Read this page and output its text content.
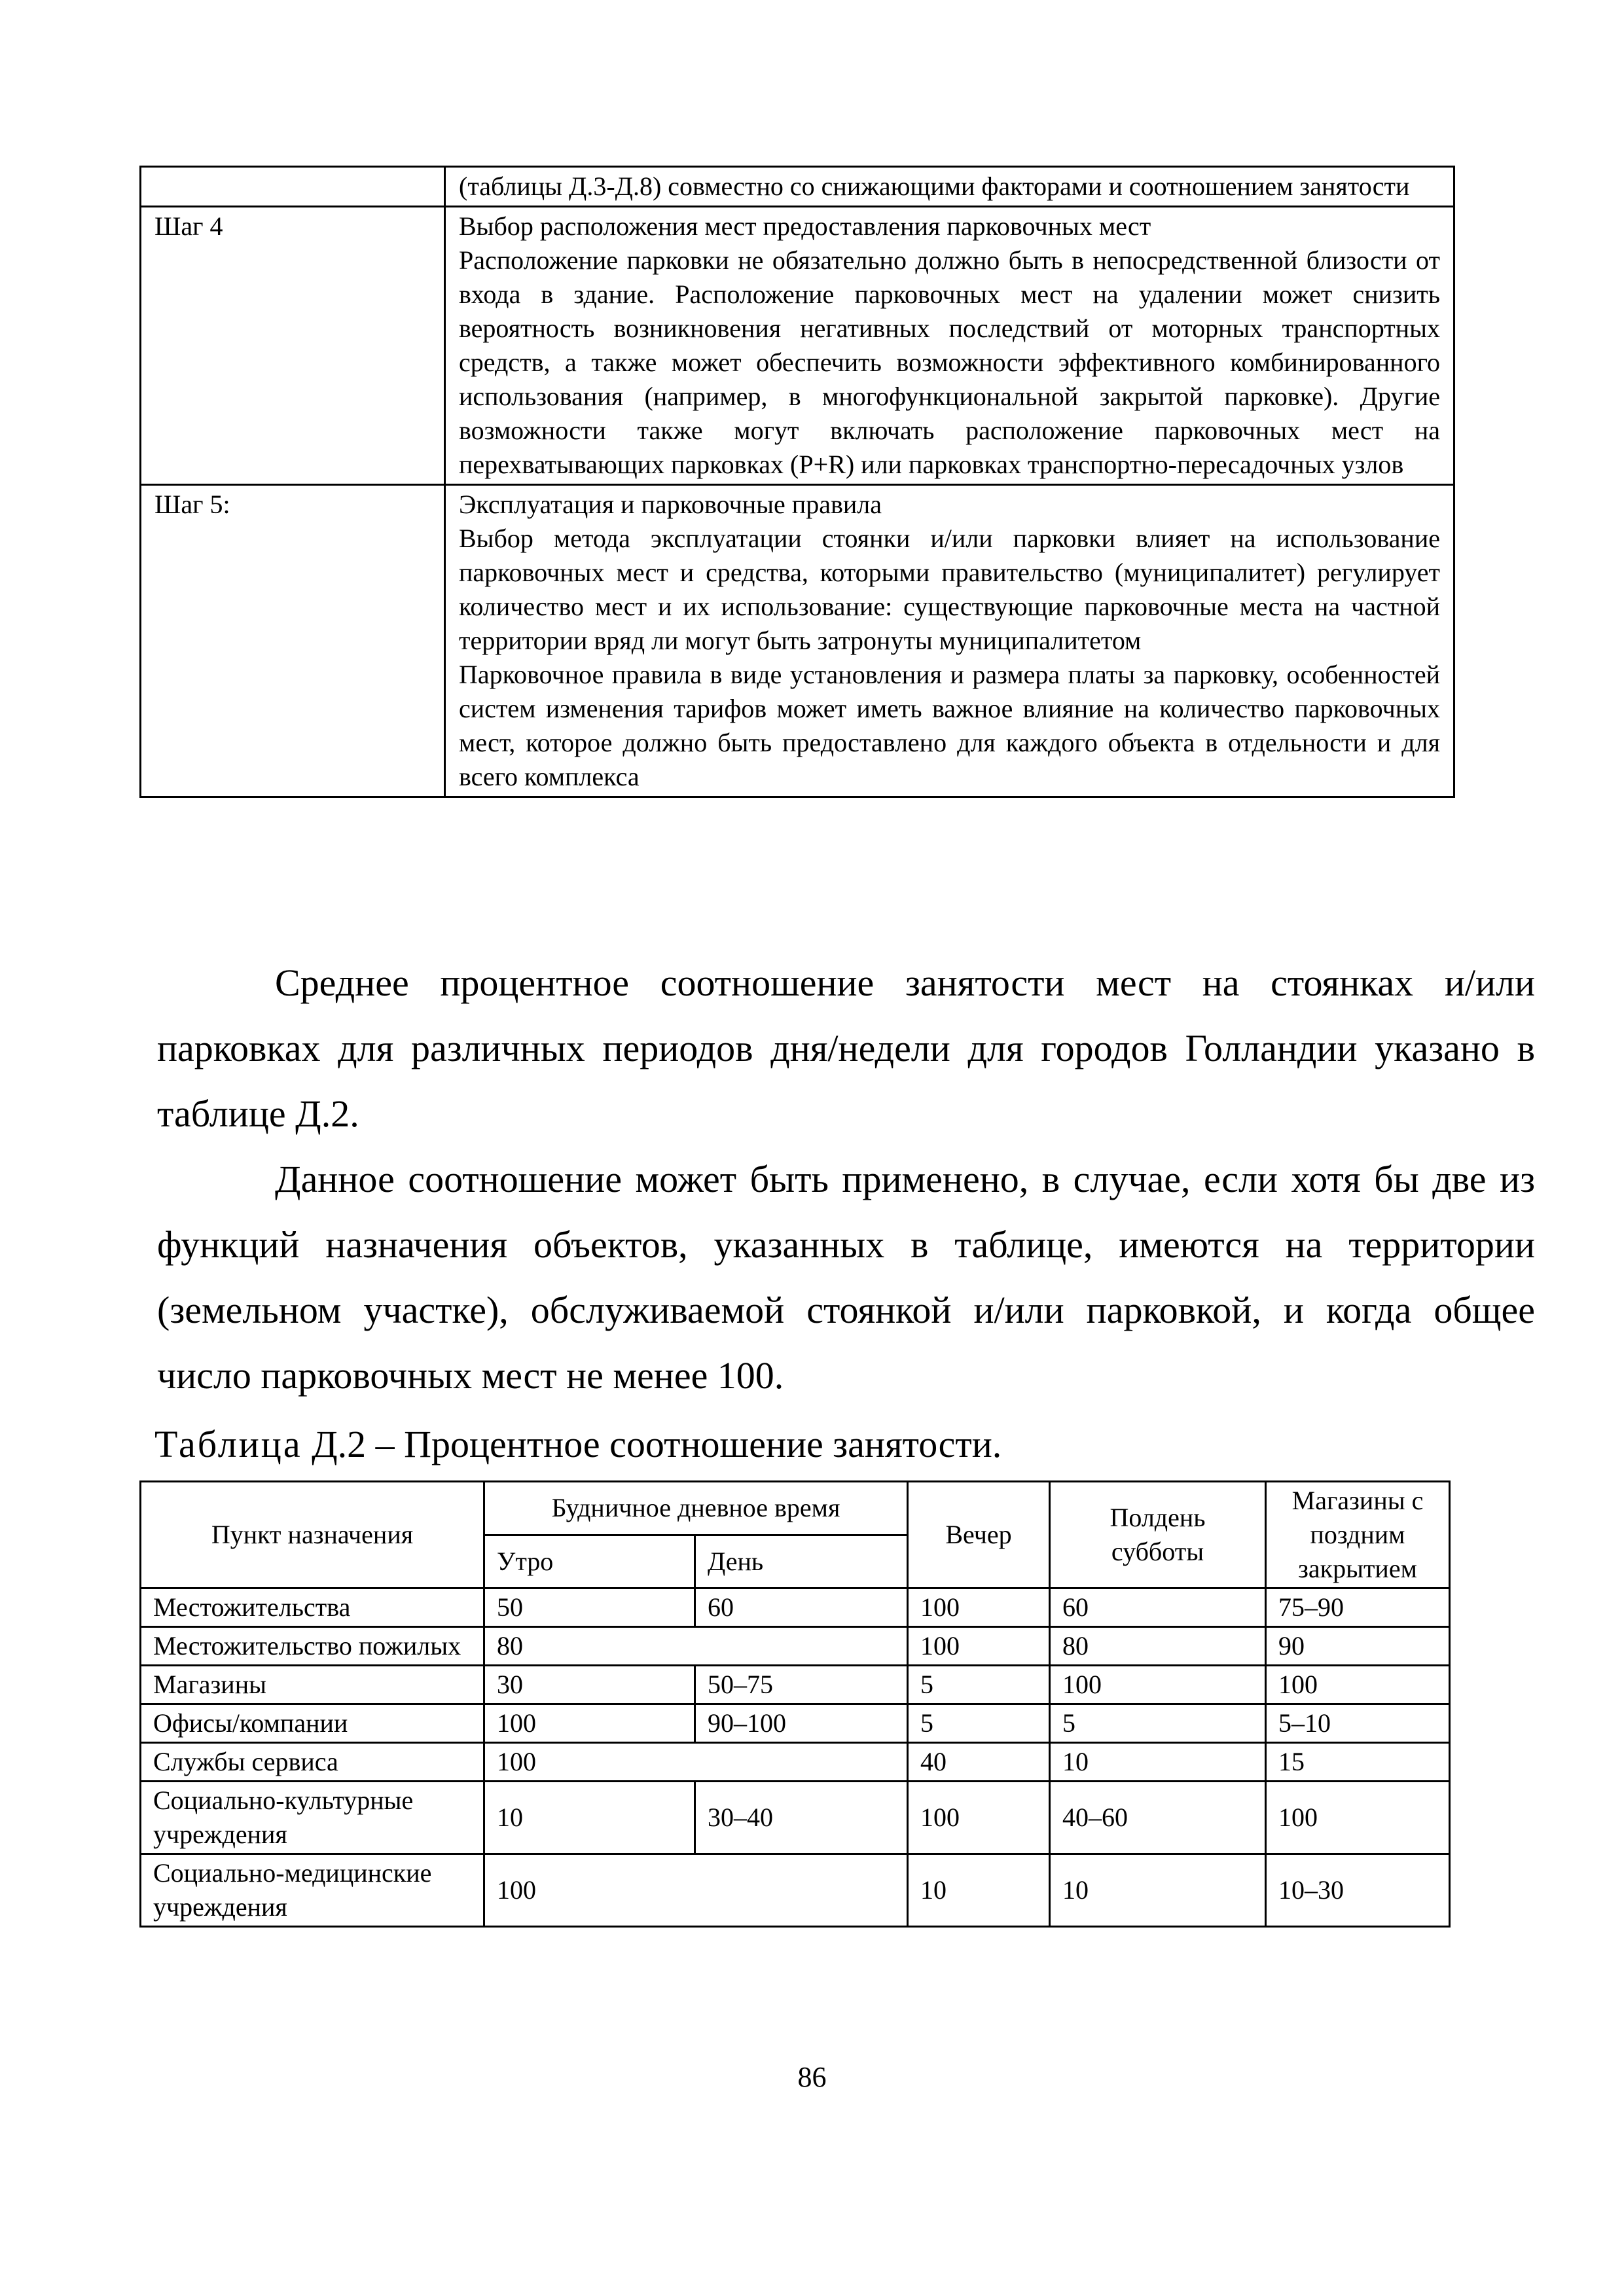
	(таблицы Д.3-Д.8) совместно со снижающими факторами и соотношением занятости
Шаг 4	Выбор расположения мест предоставления парковочных мест

Расположение парковки не обязательно должно быть в непосредственной близости от входа в здание. Расположение парковочных мест на удалении может снизить вероятность возникновения негативных последствий от моторных транспортных средств, а также может обеспечить возможности эффективного комбинированного использования (например, в многофункциональной закрытой парковке). Другие возможности также могут включать расположение парковочных мест на перехватывающих парковках (P+R) или парковках транспортно-пересадочных узлов

Шаг 5:	Эксплуатация и парковочные правила

Выбор метода эксплуатации стоянки и/или парковки влияет на использование парковочных мест и средства, которыми правительство (муниципалитет) регулирует количество мест и их использование: существующие парковочные места на частной территории вряд ли могут быть затронуты муниципалитетом

Парковочное правила в виде установления и размера платы за парковку, особенностей систем изменения тарифов может иметь важное влияние на количество парковочных мест, которое должно быть предоставлено для каждого объекта в отдельности и для всего комплекса

Среднее процентное соотношение занятости мест на стоянках и/или парковках для различных периодов дня/недели для городов Голландии указано в таблице Д.2.

Данное соотношение может быть применено, в случае, если хотя бы две из функций назначения объектов, указанных в таблице, имеются на территории (земельном участке), обслуживаемой стоянкой и/или парковкой, и когда общее число парковочных мест не менее 100.

Таблица Д.2 – Процентное соотношение занятости.

Пункт назначения	Будничное дневное время		Вечер	Полдень субботы	Магазины с поздним закрытием
	Утро	День			
Местожительства	50	60	100	60	75–90
Местожительство пожилых	80		100	80	90
Магазины	30	50–75	5	100	100
Офисы/компании	100	90–100	5	5	5–10
Службы сервиса	100		40	10	15
Социально-культурные учреждения	10	30–40	100	40–60	100
Социально-медицинские учреждения	100		10	10	10–30
86
